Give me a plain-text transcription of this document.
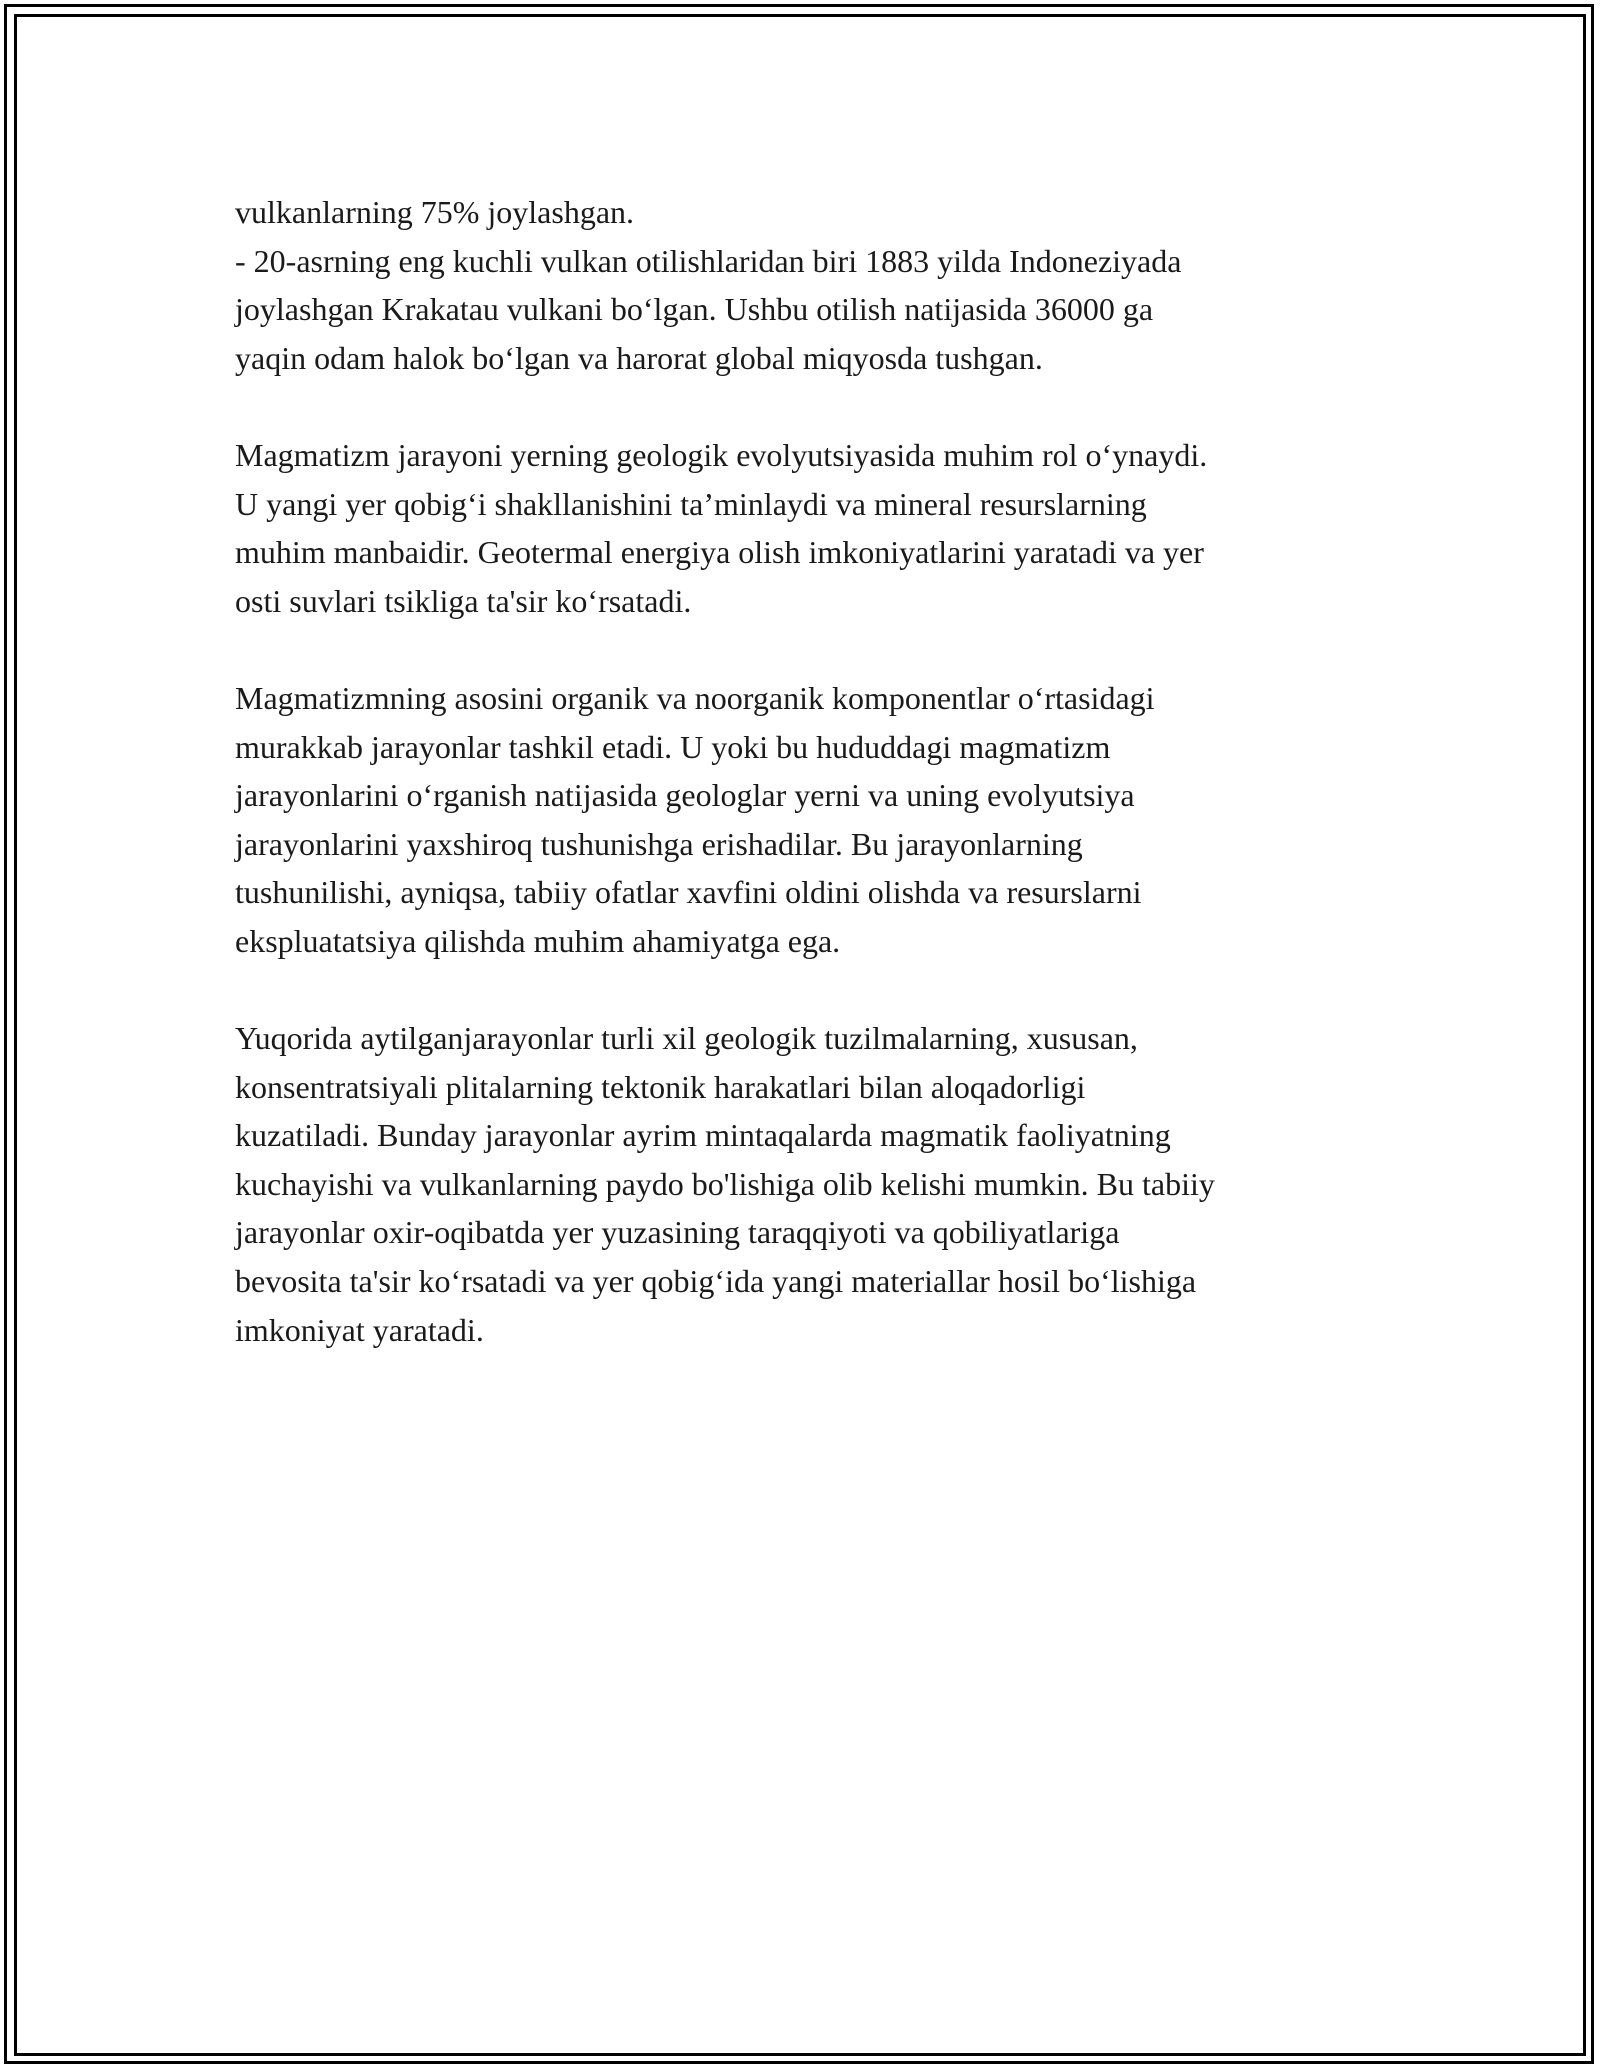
vulkanlarning 75% joylashgan.
- 20-asrning eng kuchli vulkan otilishlaridan biri 1883 yilda Indoneziyada
joylashgan Krakatau vulkani bo‘lgan. Ushbu otilish natijasida 36000 ga
yaqin odam halok bo‘lgan va harorat global miqyosda tushgan.

Magmatizm jarayoni yerning geologik evolyutsiyasida muhim rol o‘ynaydi.
U yangi yer qobig‘i shakllanishini ta’minlaydi va mineral resurslarning
muhim manbaidir. Geotermal energiya olish imkoniyatlarini yaratadi va yer
osti suvlari tsikliga ta'sir ko‘rsatadi.

Magmatizmning asosini organik va noorganik komponentlar o‘rtasidagi
murakkab jarayonlar tashkil etadi. U yoki bu hududdagi magmatizm
jarayonlarini o‘rganish natijasida geologlar yerni va uning evolyutsiya
jarayonlarini yaxshiroq tushunishga erishadilar. Bu jarayonlarning
tushunilishi, ayniqsa, tabiiy ofatlar xavfini oldini olishda va resurslarni
ekspluatatsiya qilishda muhim ahamiyatga ega.

Yuqorida aytilganjarayonlar turli xil geologik tuzilmalarning, xususan,
konsentratsiyali plitalarning tektonik harakatlari bilan aloqadorligi
kuzatiladi. Bunday jarayonlar ayrim mintaqalarda magmatik faoliyatning
kuchayishi va vulkanlarning paydo bo'lishiga olib kelishi mumkin. Bu tabiiy
jarayonlar oxir-oqibatda yer yuzasining taraqqiyoti va qobiliyatlariga
bevosita ta'sir ko‘rsatadi va yer qobig‘ida yangi materiallar hosil bo‘lishiga
imkoniyat yaratadi.
